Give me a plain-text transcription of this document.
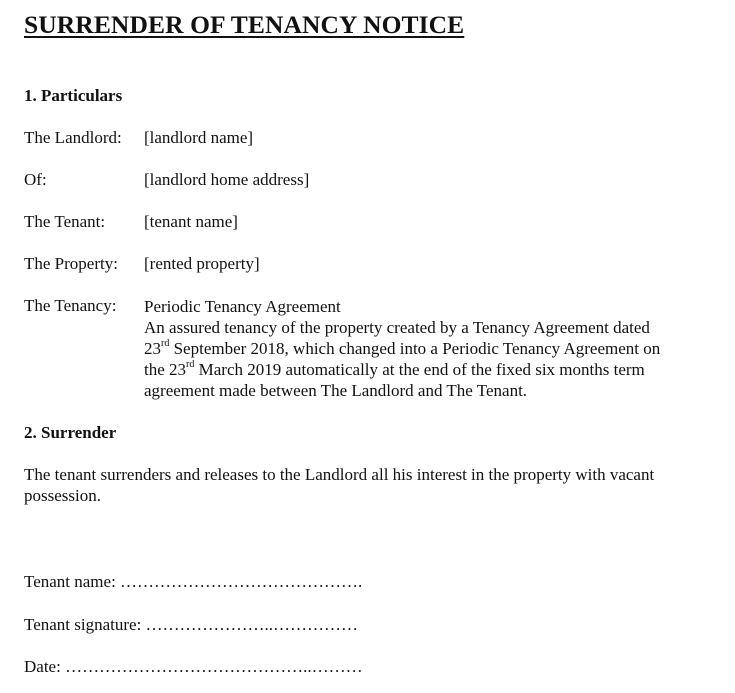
SURRENDER OF TENANCY NOTICE
1. Particulars
The Landlord: [landlord name]
Of:	[landlord home address]
The Tenant: [tenant name]
The Property: [rented property]
The Tenancy: Periodic Tenancy Agreement
An assured tenancy of the property created by a Tenancy Agreement dated
23rd September 2018, which changed into a Periodic Tenancy Agreement on
the 23rd March 2019 automatically at the end of the fixed six months term
agreement made between The Landlord and The Tenant.
2. Surrender
The tenant surrenders and releases to the Landlord all his interest in the property with vacant
possession.
Tenant name: …………………………………….
Tenant signature: …………………..……………
Date: ……………………………………..………
